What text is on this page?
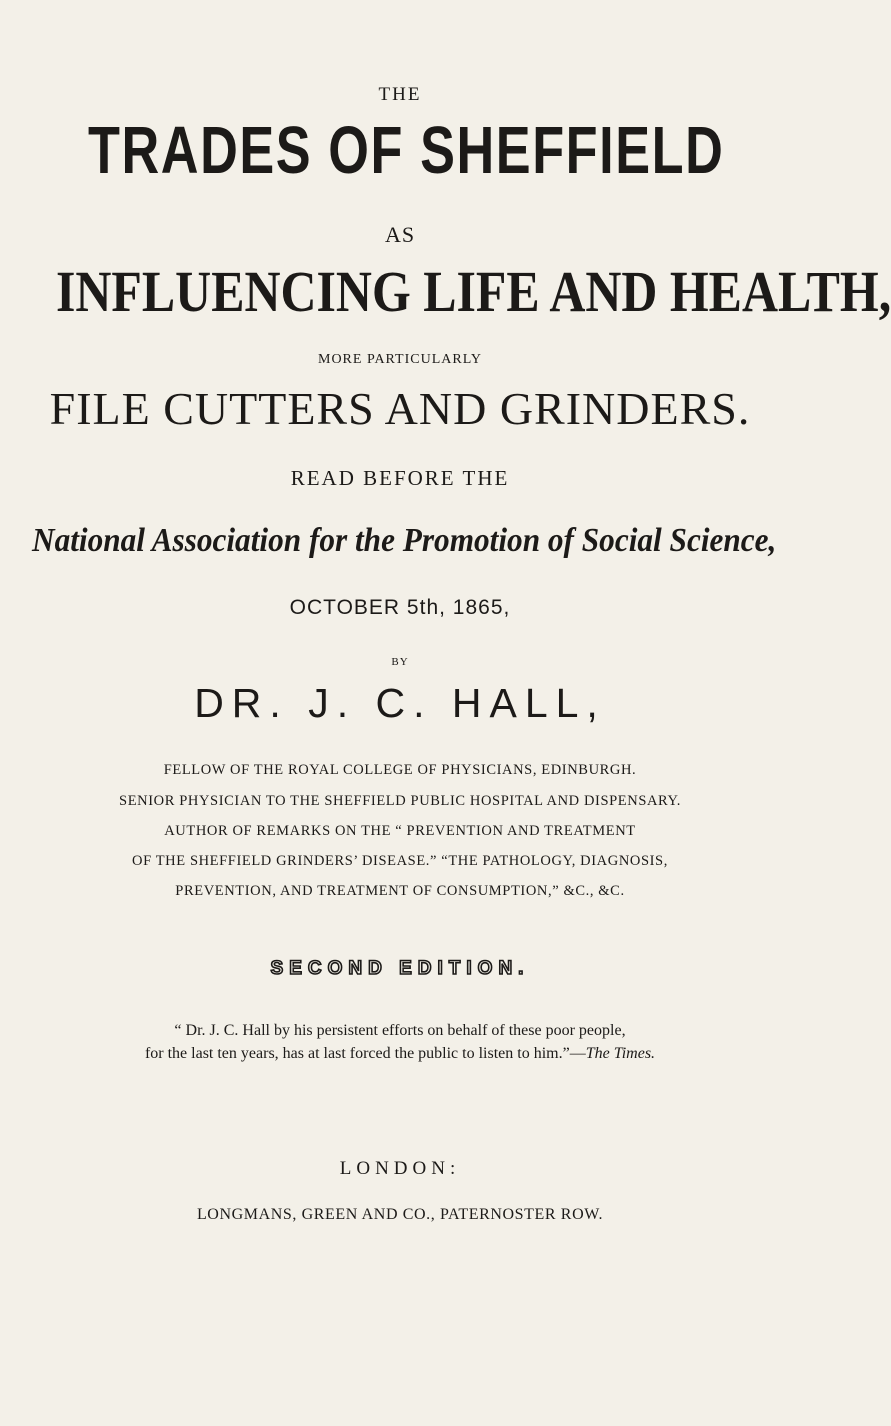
THE
TRADES OF SHEFFIELD
AS
INFLUENCING LIFE AND HEALTH,
MORE PARTICULARLY
FILE CUTTERS AND GRINDERS.
READ BEFORE THE
National Association for the Promotion of Social Science,
OCTOBER 5th, 1865,
BY
DR. J. C. HALL,
FELLOW OF THE ROYAL COLLEGE OF PHYSICIANS, EDINBURGH.
SENIOR PHYSICIAN TO THE SHEFFIELD PUBLIC HOSPITAL AND DISPENSARY.
AUTHOR OF REMARKS ON THE “ PREVENTION AND TREATMENT
OF THE SHEFFIELD GRINDERS’ DISEASE.” “THE PATHOLOGY, DIAGNOSIS,
PREVENTION, AND TREATMENT OF CONSUMPTION,” &C., &C.
SECOND EDITION.
“ Dr. J. C. Hall by his persistent efforts on behalf of these poor people,
for the last ten years, has at last forced the public to listen to him.”—The Times.
LONDON:
LONGMANS, GREEN AND CO., PATERNOSTER ROW.
